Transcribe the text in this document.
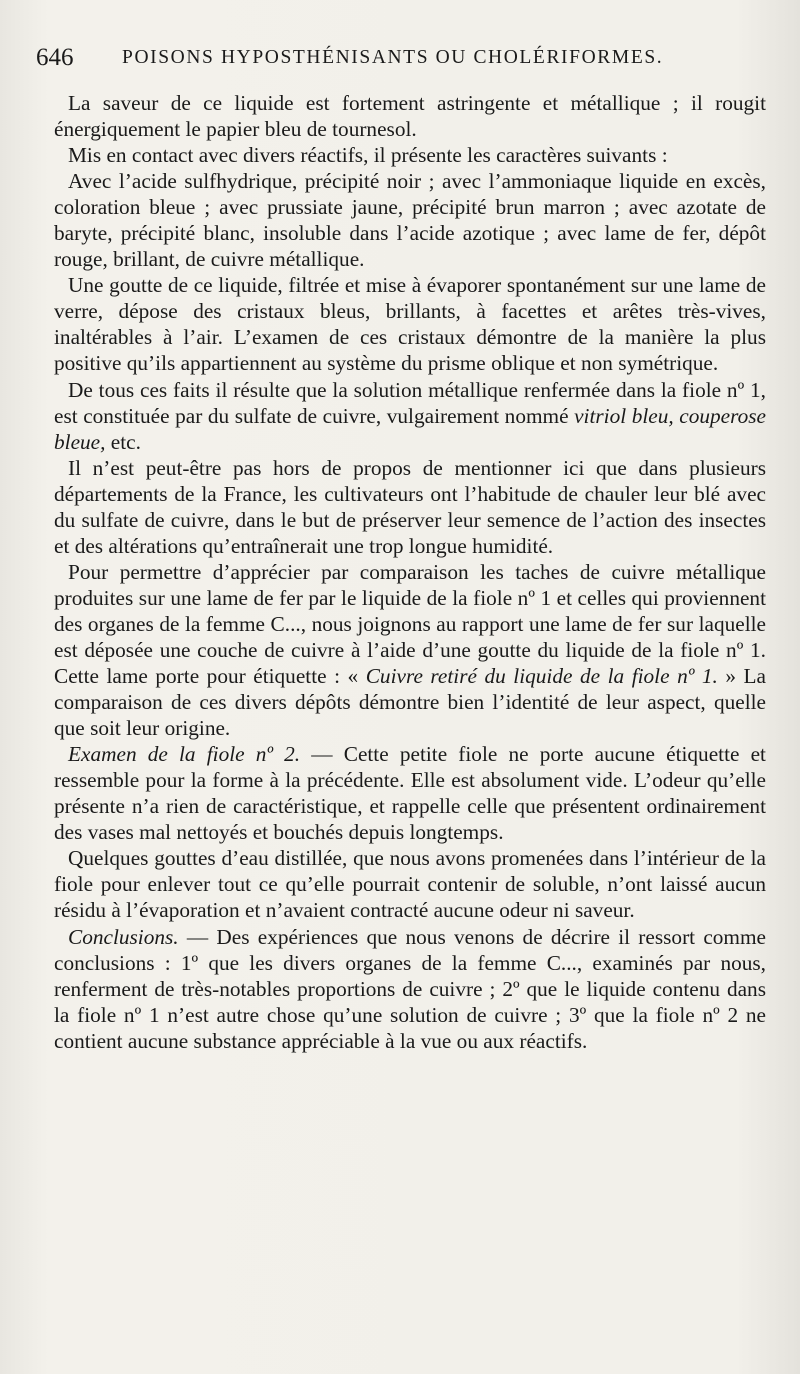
646 POISONS HYPOSTHÉNISANTS OU CHOLÉRIFORMES.

La saveur de ce liquide est fortement astringente et métallique ; il rougit énergiquement le papier bleu de tournesol.

Mis en contact avec divers réactifs, il présente les caractères suivants :

Avec l’acide sulfhydrique, précipité noir ; avec l’ammoniaque liquide en excès, coloration bleue ; avec prussiate jaune, précipité brun marron ; avec azotate de baryte, précipité blanc, insoluble dans l’acide azotique ; avec lame de fer, dépôt rouge, brillant, de cuivre métallique.

Une goutte de ce liquide, filtrée et mise à évaporer spontanément sur une lame de verre, dépose des cristaux bleus, brillants, à facettes et arêtes très-vives, inaltérables à l’air. L’examen de ces cristaux démontre de la manière la plus positive qu’ils appartiennent au système du prisme oblique et non symétrique.

De tous ces faits il résulte que la solution métallique renfermée dans la fiole nº 1, est constituée par du sulfate de cuivre, vulgairement nommé vitriol bleu, couperose bleue, etc.

Il n’est peut-être pas hors de propos de mentionner ici que dans plusieurs départements de la France, les cultivateurs ont l’habitude de chauler leur blé avec du sulfate de cuivre, dans le but de préserver leur semence de l’action des insectes et des altérations qu’entraînerait une trop longue humidité.

Pour permettre d’apprécier par comparaison les taches de cuivre métallique produites sur une lame de fer par le liquide de la fiole nº 1 et celles qui proviennent des organes de la femme C..., nous joignons au rapport une lame de fer sur laquelle est déposée une couche de cuivre à l’aide d’une goutte du liquide de la fiole nº 1. Cette lame porte pour étiquette : « Cuivre retiré du liquide de la fiole nº 1. » La comparaison de ces divers dépôts démontre bien l’identité de leur aspect, quelle que soit leur origine.

Examen de la fiole nº 2. — Cette petite fiole ne porte aucune étiquette et ressemble pour la forme à la précédente. Elle est absolument vide. L’odeur qu’elle présente n’a rien de caractéristique, et rappelle celle que présentent ordinairement des vases mal nettoyés et bouchés depuis longtemps.

Quelques gouttes d’eau distillée, que nous avons promenées dans l’intérieur de la fiole pour enlever tout ce qu’elle pourrait contenir de soluble, n’ont laissé aucun résidu à l’évaporation et n’avaient contracté aucune odeur ni saveur.

Conclusions. — Des expériences que nous venons de décrire il ressort comme conclusions : 1º que les divers organes de la femme C..., examinés par nous, renferment de très-notables proportions de cuivre ; 2º que le liquide contenu dans la fiole nº 1 n’est autre chose qu’une solution de cuivre ; 3º que la fiole nº 2 ne contient aucune substance appréciable à la vue ou aux réactifs.
